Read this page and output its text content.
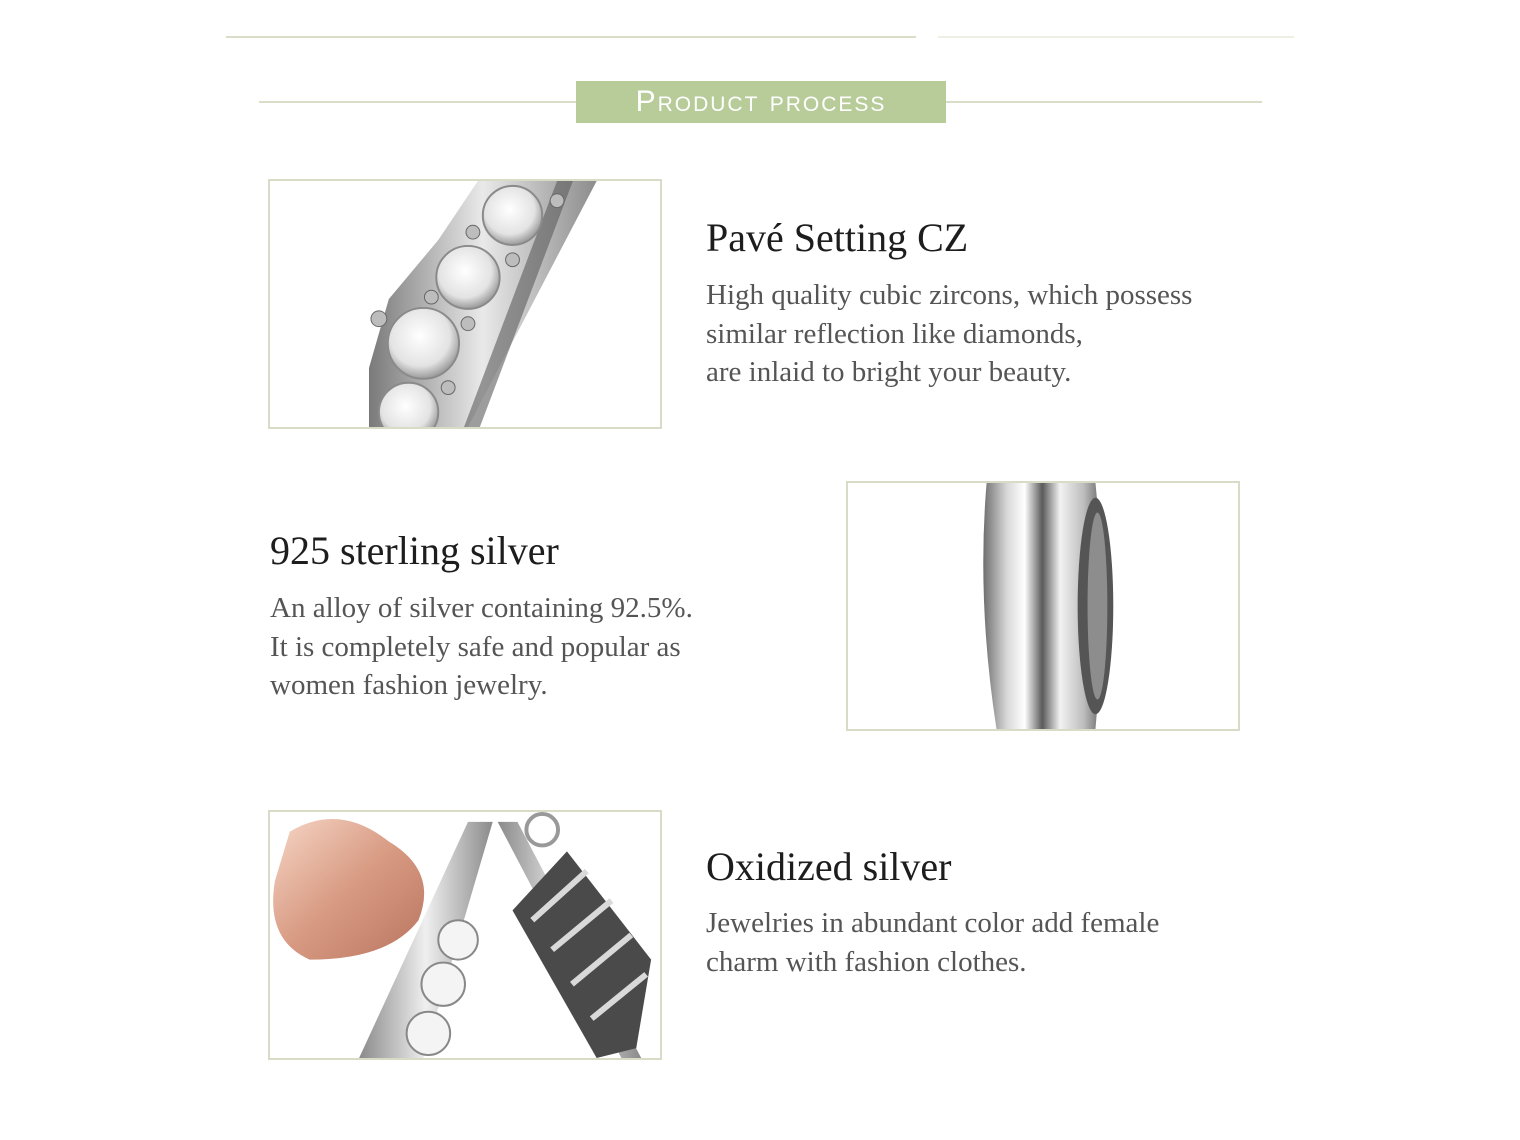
Product process
Pavé Setting CZ
High quality cubic zircons, which possess
similar reflection like diamonds,
are inlaid to bright your beauty.
925 sterling silver
An alloy of silver containing 92.5%.
It is completely safe and popular as
women fashion jewelry.
Oxidized silver
Jewelries in abundant color add female
charm with fashion clothes.
